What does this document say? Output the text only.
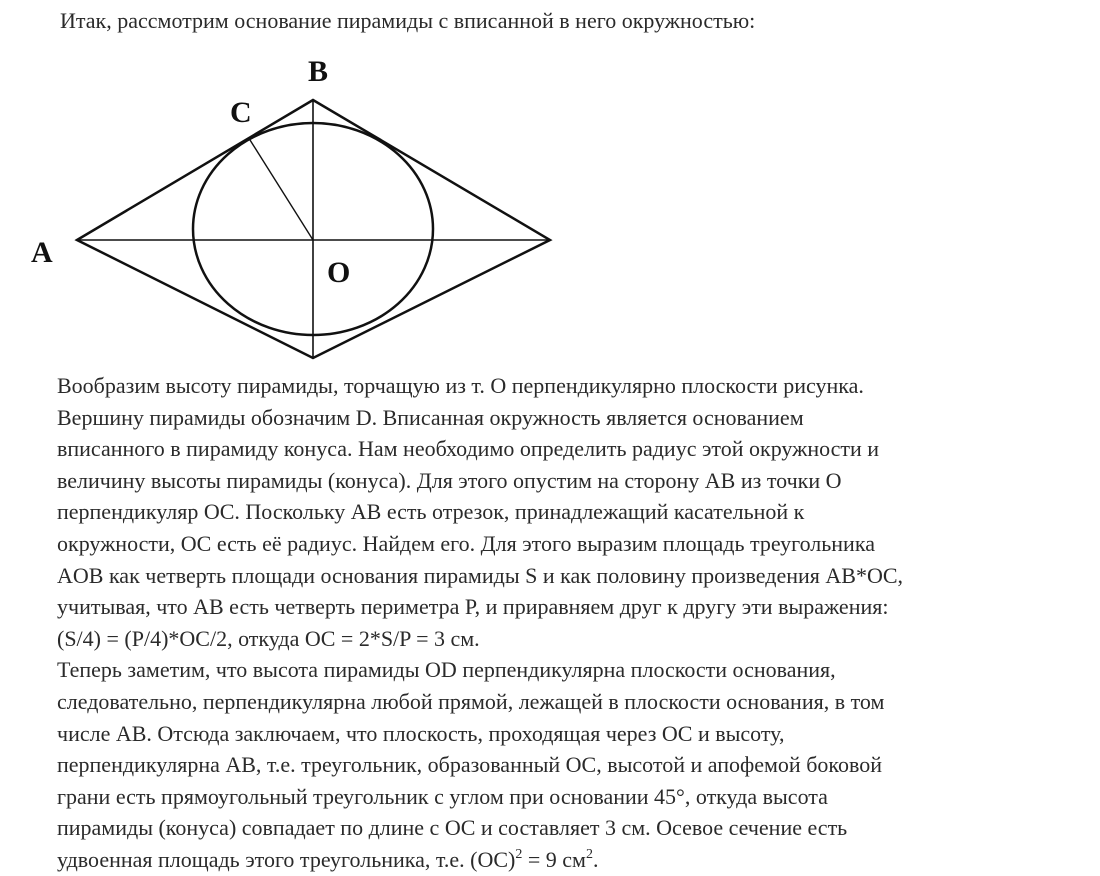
Итак, рассмотрим основание пирамиды с вписанной в него окружностью:
A
B
C
O
Вообразим высоту пирамиды, торчащую из т. О перпендикулярно плоскости рисунка.
Вершину пирамиды обозначим D. Вписанная окружность является основанием
вписанного в пирамиду конуса. Нам необходимо определить радиус этой окружности и
величину высоты пирамиды (конуса). Для этого опустим на сторону AB из точки O
перпендикуляр OC. Поскольку AB есть отрезок, принадлежащий касательной к
окружности, OC есть её радиус. Найдем его. Для этого выразим площадь треугольника
AOB как четверть площади основания пирамиды S и как половину произведения AB*OC,
учитывая, что AB есть четверть периметра P, и приравняем друг к другу эти выражения:
(S/4) = (P/4)*OC/2, откуда OC = 2*S/P = 3 см.
Теперь заметим, что высота пирамиды OD перпендикулярна плоскости основания,
следовательно, перпендикулярна любой прямой, лежащей в плоскости основания, в том
числе AB. Отсюда заключаем, что плоскость, проходящая через OC и высоту,
перпендикулярна AB, т.е. треугольник, образованный OC, высотой и апофемой боковой
грани есть прямоугольный треугольник с углом при основании 45°, откуда высота
пирамиды (конуса) совпадает по длине с OC и составляет 3 см. Осевое сечение есть
удвоенная площадь этого треугольника, т.е. (OC)$^2$ = 9 $см^2$.
